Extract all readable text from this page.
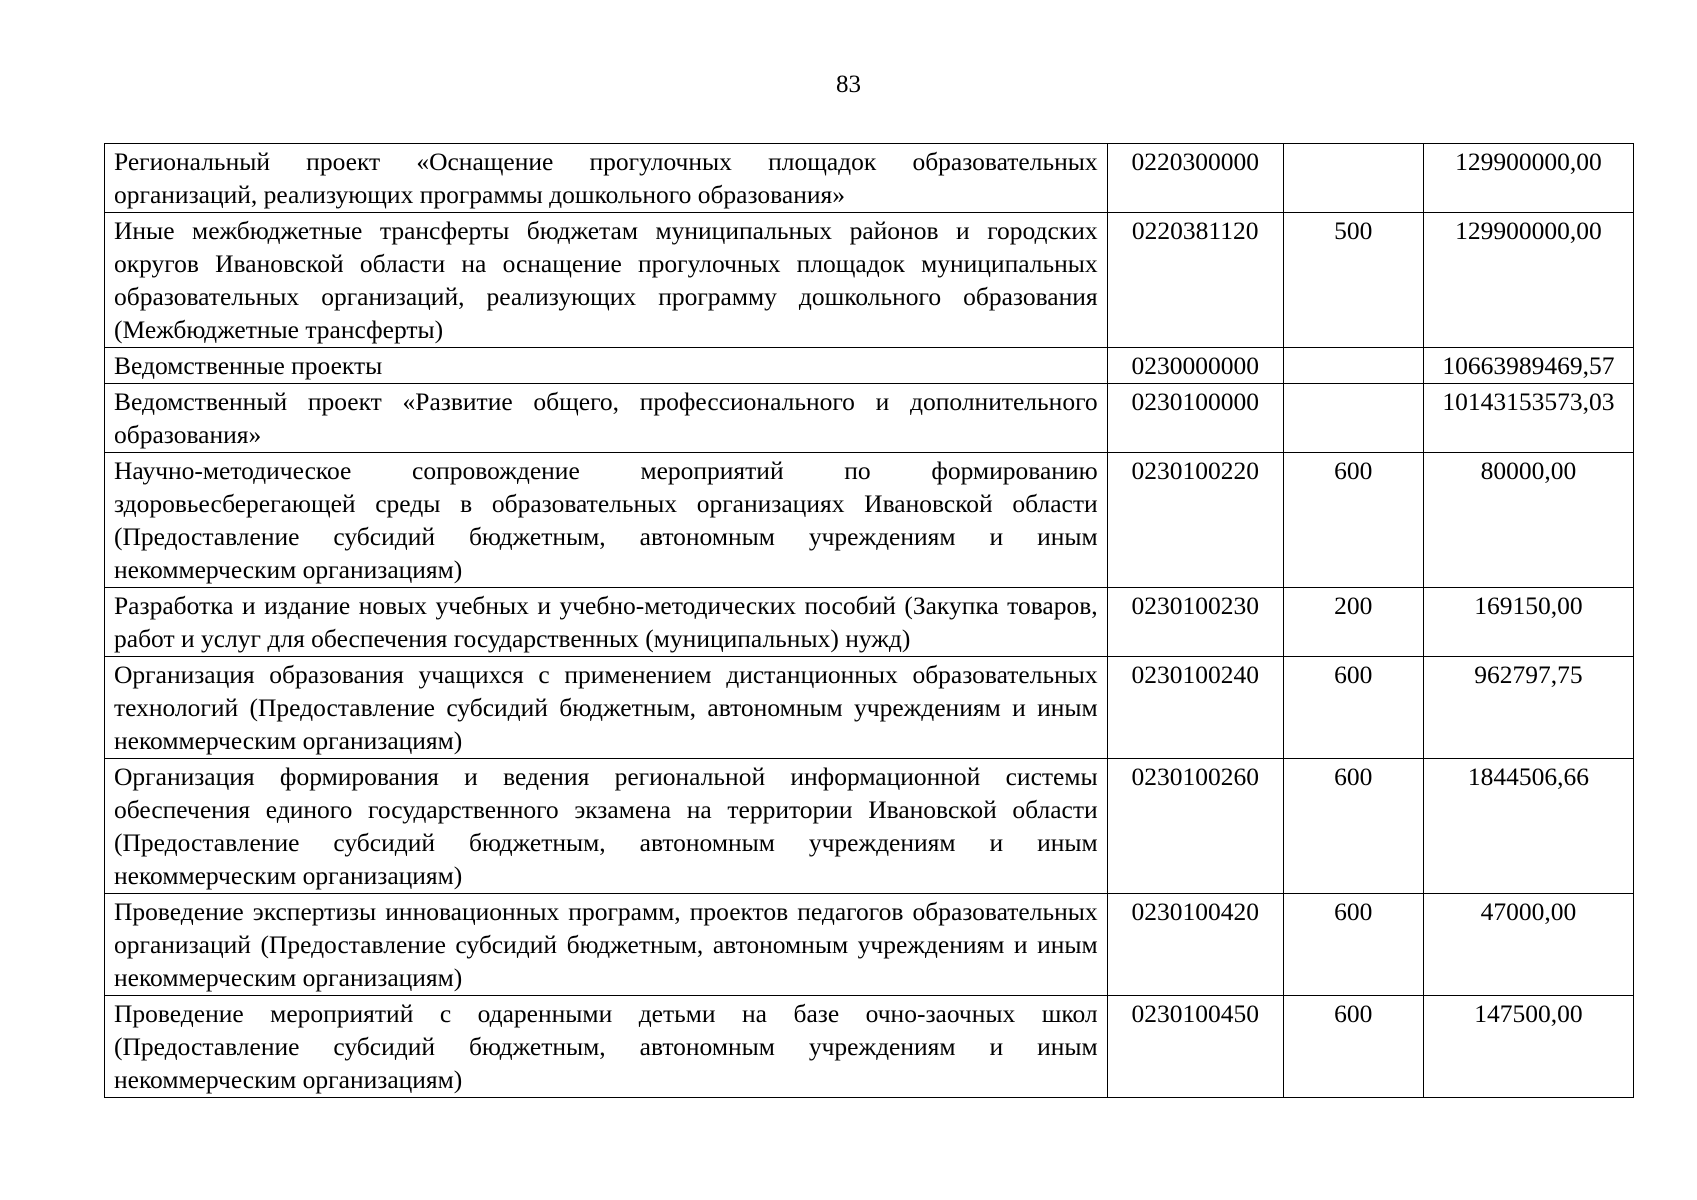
83
Региональный проект «Оснащение прогулочных площадок образовательных организаций, реализующих программы дошкольного образования»	0220300000		129900000,00
Иные межбюджетные трансферты бюджетам муниципальных районов и городских округов Ивановской области на оснащение прогулочных площадок муниципальных образовательных организаций, реализующих программу дошкольного образования (Межбюджетные трансферты)	0220381120	500	129900000,00
Ведомственные проекты	0230000000		10663989469,57
Ведомственный проект «Развитие общего, профессионального и дополнительного образования»	0230100000		10143153573,03
Научно-методическое сопровождение мероприятий по формированию здоровьесберегающей среды в образовательных организациях Ивановской области (Предоставление субсидий бюджетным, автономным учреждениям и иным некоммерческим организациям)	0230100220	600	80000,00
Разработка и издание новых учебных и учебно-методических пособий (Закупка товаров, работ и услуг для обеспечения государственных (муниципальных) нужд)	0230100230	200	169150,00
Организация образования учащихся с применением дистанционных образовательных технологий (Предоставление субсидий бюджетным, автономным учреждениям и иным некоммерческим организациям)	0230100240	600	962797,75
Организация формирования и ведения региональной информационной системы обеспечения единого государственного экзамена на территории Ивановской области (Предоставление субсидий бюджетным, автономным учреждениям и иным некоммерческим организациям)	0230100260	600	1844506,66
Проведение экспертизы инновационных программ, проектов педагогов образовательных организаций (Предоставление субсидий бюджетным, автономным учреждениям и иным некоммерческим организациям)	0230100420	600	47000,00
Проведение мероприятий с одаренными детьми на базе очно-заочных школ (Предоставление субсидий бюджетным, автономным учреждениям и иным некоммерческим организациям)	0230100450	600	147500,00
